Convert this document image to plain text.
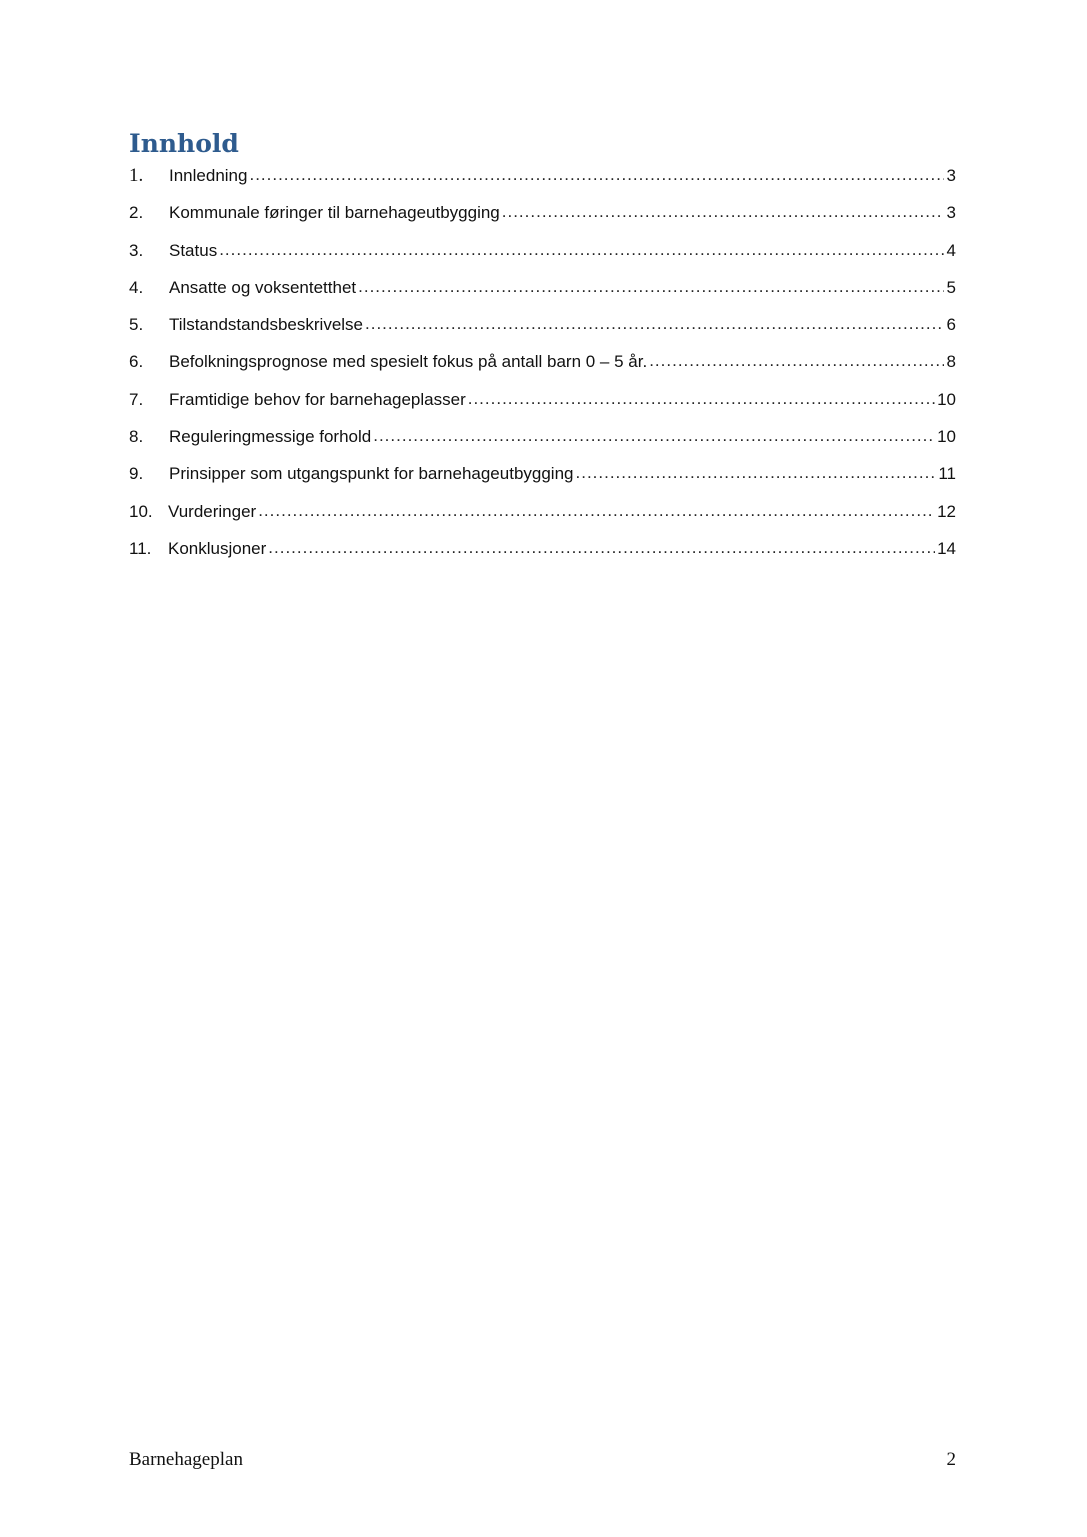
Innhold
1.	Innledning .....	3
2.	Kommunale føringer til barnehageutbygging .....	3
3.	Status .....	4
4.	Ansatte og voksentetthet .....	5
5.	Tilstandstandsbeskrivelse .....	6
6.	Befolkningsprognose med spesielt fokus på antall barn 0 – 5 år. .....	8
7.	Framtidige behov for barnehageplasser .....	10
8.	Reguleringmessige forhold .....	10
9.	Prinsipper som utgangspunkt for barnehageutbygging .....	11
10. Vurderinger .....	12
11. Konklusjoner .....	14

Barnehageplan	2
